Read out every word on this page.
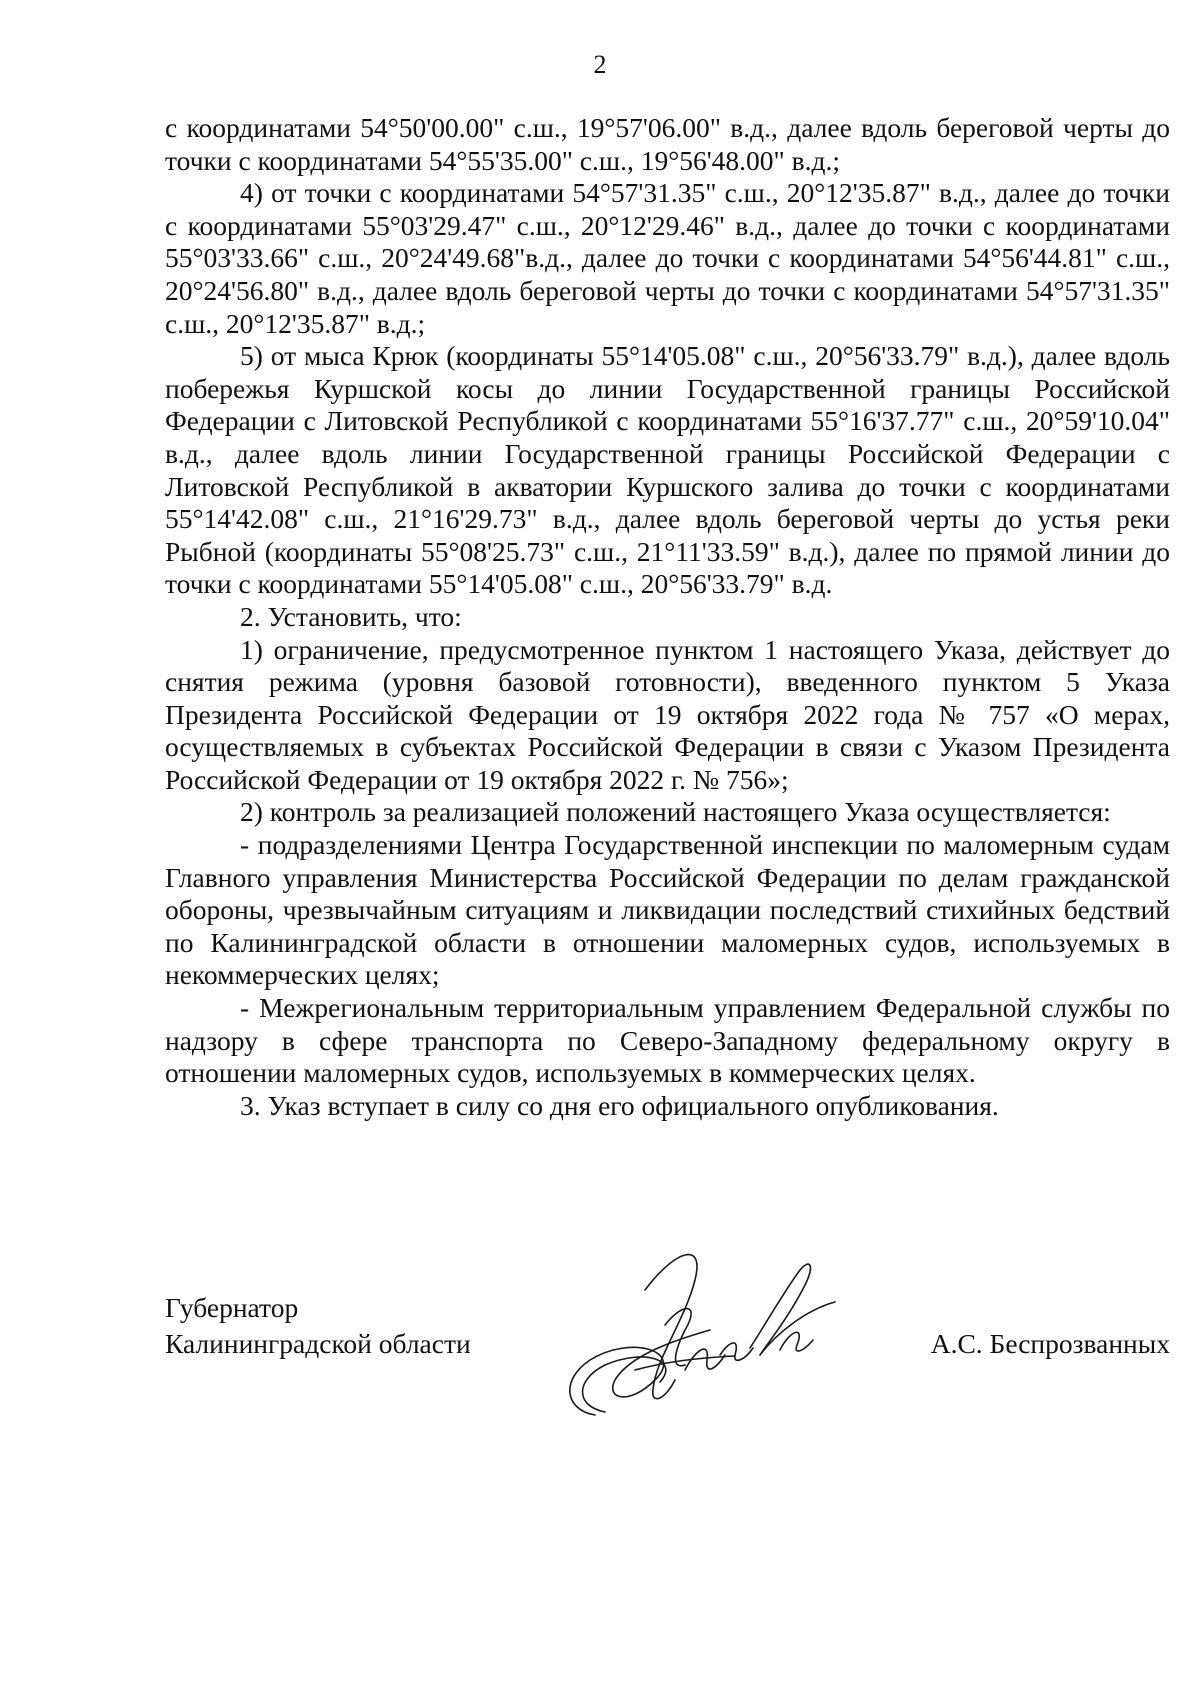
2

с координатами 54°50'00.00" с.ш., 19°57'06.00" в.д., далее вдоль береговой черты до точки с координатами 54°55'35.00" с.ш., 19°56'48.00" в.д.;

4) от точки с координатами 54°57'31.35" с.ш., 20°12'35.87" в.д., далее до точки с координатами 55°03'29.47" с.ш., 20°12'29.46" в.д., далее до точки с координатами 55°03'33.66" с.ш., 20°24'49.68"в.д., далее до точки с координатами 54°56'44.81" с.ш., 20°24'56.80" в.д., далее вдоль береговой черты до точки с координатами 54°57'31.35" с.ш., 20°12'35.87" в.д.;

5) от мыса Крюк (координаты 55°14'05.08" с.ш., 20°56'33.79" в.д.), далее вдоль побережья Куршской косы до линии Государственной границы Российской Федерации с Литовской Республикой с координатами 55°16'37.77" с.ш., 20°59'10.04" в.д., далее вдоль линии Государственной границы Российской Федерации с Литовской Республикой в акватории Куршского залива до точки с координатами 55°14'42.08" с.ш., 21°16'29.73" в.д., далее вдоль береговой черты до устья реки Рыбной (координаты 55°08'25.73" с.ш., 21°11'33.59" в.д.), далее по прямой линии до точки с координатами 55°14'05.08" с.ш., 20°56'33.79" в.д.

2. Установить, что:

1) ограничение, предусмотренное пунктом 1 настоящего Указа, действует до снятия режима (уровня базовой готовности), введенного пунктом 5 Указа Президента Российской Федерации от 19 октября 2022 года № 757 «О мерах, осуществляемых в субъектах Российской Федерации в связи с Указом Президента Российской Федерации от 19 октября 2022 г. № 756»;

2) контроль за реализацией положений настоящего Указа осуществляется:

- подразделениями Центра Государственной инспекции по маломерным судам Главного управления Министерства Российской Федерации по делам гражданской обороны, чрезвычайным ситуациям и ликвидации последствий стихийных бедствий по Калининградской области в отношении маломерных судов, используемых в некоммерческих целях;

- Межрегиональным территориальным управлением Федеральной службы по надзору в сфере транспорта по Северо-Западному федеральному округу в отношении маломерных судов, используемых в коммерческих целях.

3. Указ вступает в силу со дня его официального опубликования.

Губернатор
Калининградской области	А.С. Беспрозванных
